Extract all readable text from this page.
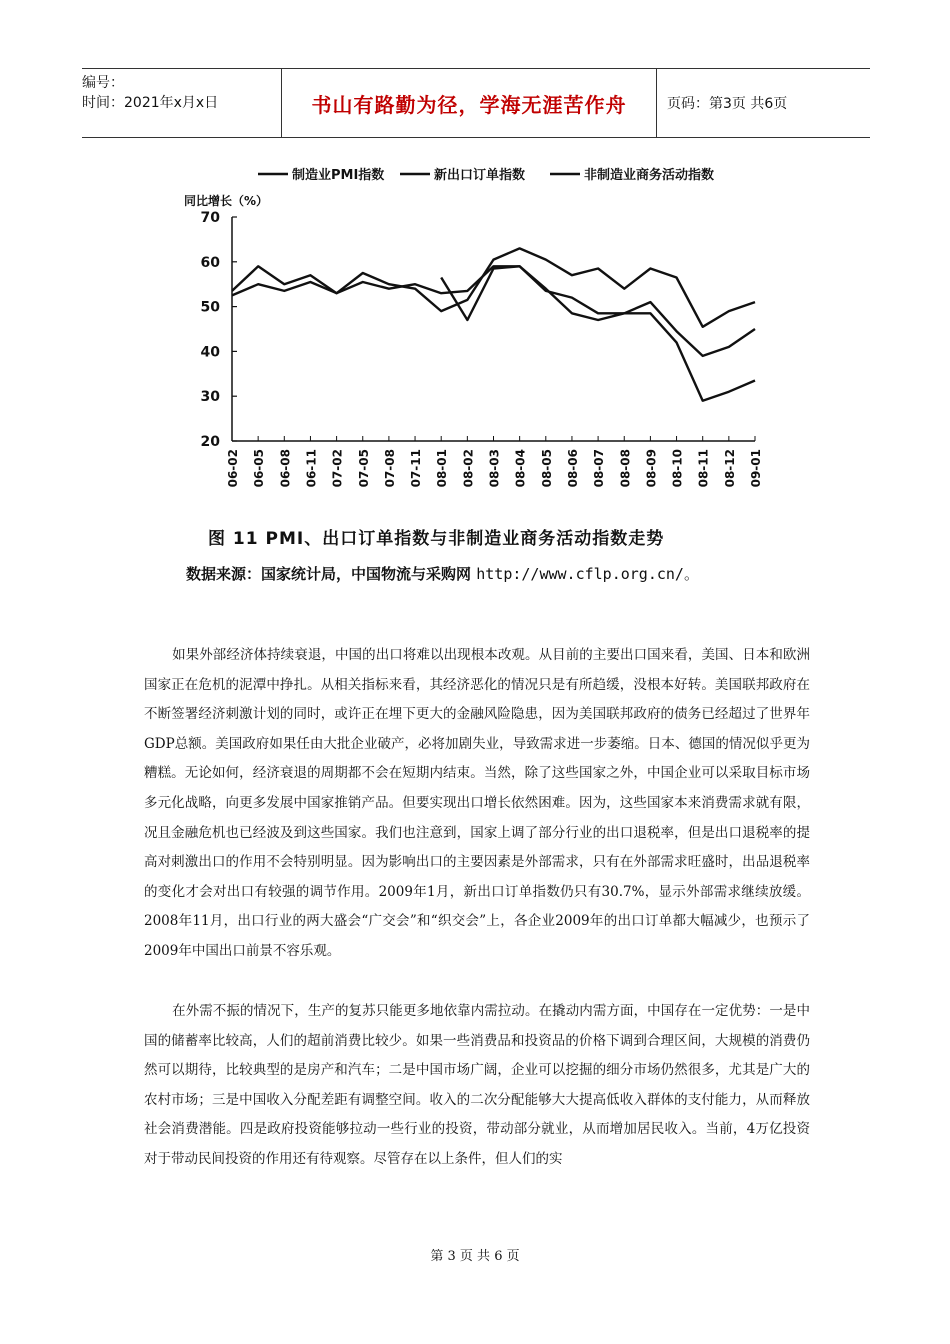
编号：
时间：2021年x月x日	书山有路勤为径，学海无涯苦作舟	页码：第3页 共6页
制造业PMI指数	新出口订单指数	非制造业商务活动指数
同比增长（%）
70
60
50
40
30
20
06-02 06-05 06-08 06-11 07-02 07-05 07-08 07-11 08-01 08-02 08-03 08-04 08-05 08-06 08-07 08-08 08-09 08-10 08-11 08-12 09-01
图 11 PMI、出口订单指数与非制造业商务活动指数走势
数据来源：国家统计局，中国物流与采购网 http://www.cflp.org.cn/。

如果外部经济体持续衰退，中国的出口将难以出现根本改观。从目前的主要出口国来看，美国、日本和欧洲国家正在危机的泥潭中挣扎。从相关指标来看，其经济恶化的情况只是有所趋缓，没根本好转。美国联邦政府在不断签署经济刺激计划的同时，或许正在埋下更大的金融风险隐患，因为美国联邦政府的债务已经超过了世界年GDP总额。美国政府如果任由大批企业破产，必将加剧失业，导致需求进一步萎缩。日本、德国的情况似乎更为糟糕。无论如何，经济衰退的周期都不会在短期内结束。当然，除了这些国家之外，中国企业可以采取目标市场多元化战略，向更多发展中国家推销产品。但要实现出口增长依然困难。因为，这些国家本来消费需求就有限，况且金融危机也已经波及到这些国家。我们也注意到，国家上调了部分行业的出口退税率，但是出口退税率的提高对刺激出口的作用不会特别明显。因为影响出口的主要因素是外部需求，只有在外部需求旺盛时，出品退税率的变化才会对出口有较强的调节作用。2009年1月，新出口订单指数仍只有30.7%，显示外部需求继续放缓。2008年11月，出口行业的两大盛会“广交会”和“织交会”上，各企业2009年的出口订单都大幅减少，也预示了2009年中国出口前景不容乐观。

在外需不振的情况下，生产的复苏只能更多地依靠内需拉动。在撬动内需方面，中国存在一定优势：一是中国的储蓄率比较高，人们的超前消费比较少。如果一些消费品和投资品的价格下调到合理区间，大规模的消费仍然可以期待，比较典型的是房产和汽车；二是中国市场广阔，企业可以挖掘的细分市场仍然很多，尤其是广大的农村市场；三是中国收入分配差距有调整空间。收入的二次分配能够大大提高低收入群体的支付能力，从而释放社会消费潜能。四是政府投资能够拉动一些行业的投资，带动部分就业，从而增加居民收入。当前，4万亿投资对于带动民间投资的作用还有待观察。尽管存在以上条件，但人们的实

第 3 页 共 6 页
